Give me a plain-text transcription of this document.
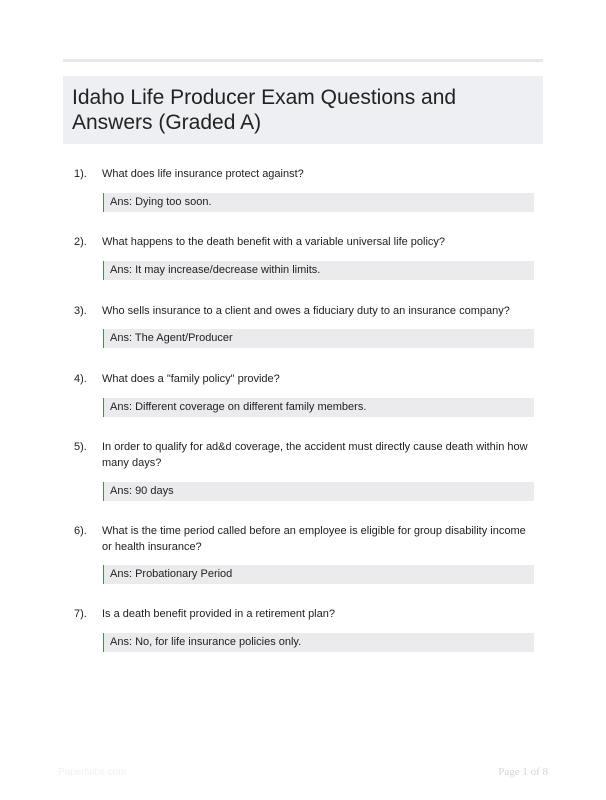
Idaho Life Producer Exam Questions and Answers (Graded A)
1). What does life insurance protect against?
Ans: Dying too soon.
2). What happens to the death benefit with a variable universal life policy?
Ans: It may increase/decrease within limits.
3). Who sells insurance to a client and owes a fiduciary duty to an insurance company?
Ans: The Agent/Producer
4). What does a "family policy" provide?
Ans: Different coverage on different family members.
5). In order to qualify for ad&d coverage, the accident must directly cause death within how many days?
Ans: 90 days
6). What is the time period called before an employee is eligible for group disability income or health insurance?
Ans: Probationary Period
7). Is a death benefit provided in a retirement plan?
Ans: No, for life insurance policies only.
PaperNibs.com	Page 1 of 8
